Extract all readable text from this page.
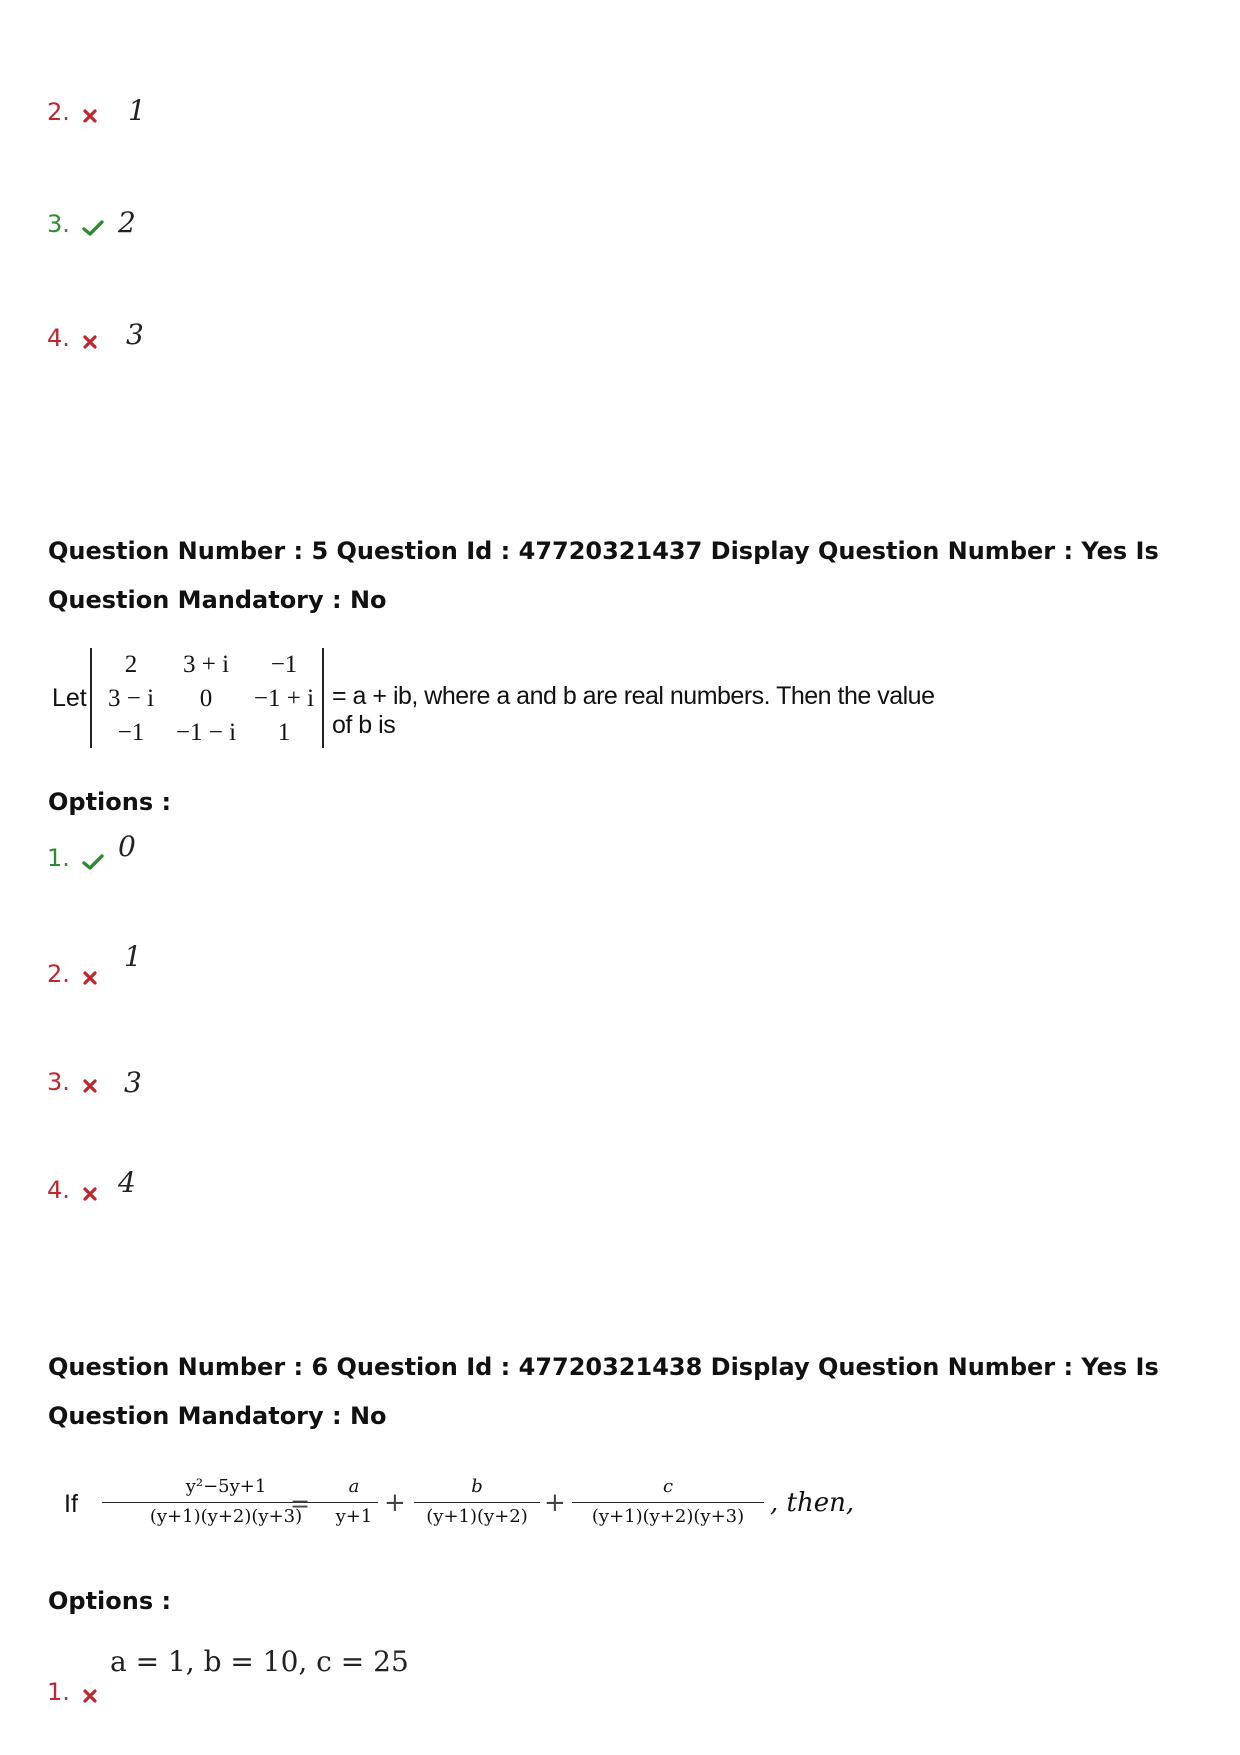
2.	1
3.	2
4.	3
Question Number : 5 Question Id : 47720321437 Display Question Number : Yes Is Question Mandatory : No
Let
2	3 + i	−1
3 − i	0	−1 + i
−1	−1 − i	1
= a + ib, where a and b are real numbers. Then the value of b is
Options :
1.	0
2.
1
3.	3
4.	4
Question Number : 6 Question Id : 47720321438 Display Question Number : Yes Is Question Mandatory : No
If
y²−5y+1
(y+1)(y+2)(y+3)
=
a
y+1 +
b
(y+1)(y+2) +
c
(y+1)(y+2)(y+3) , then,
Options :
1.
a = 1, b = 10, c = 25
